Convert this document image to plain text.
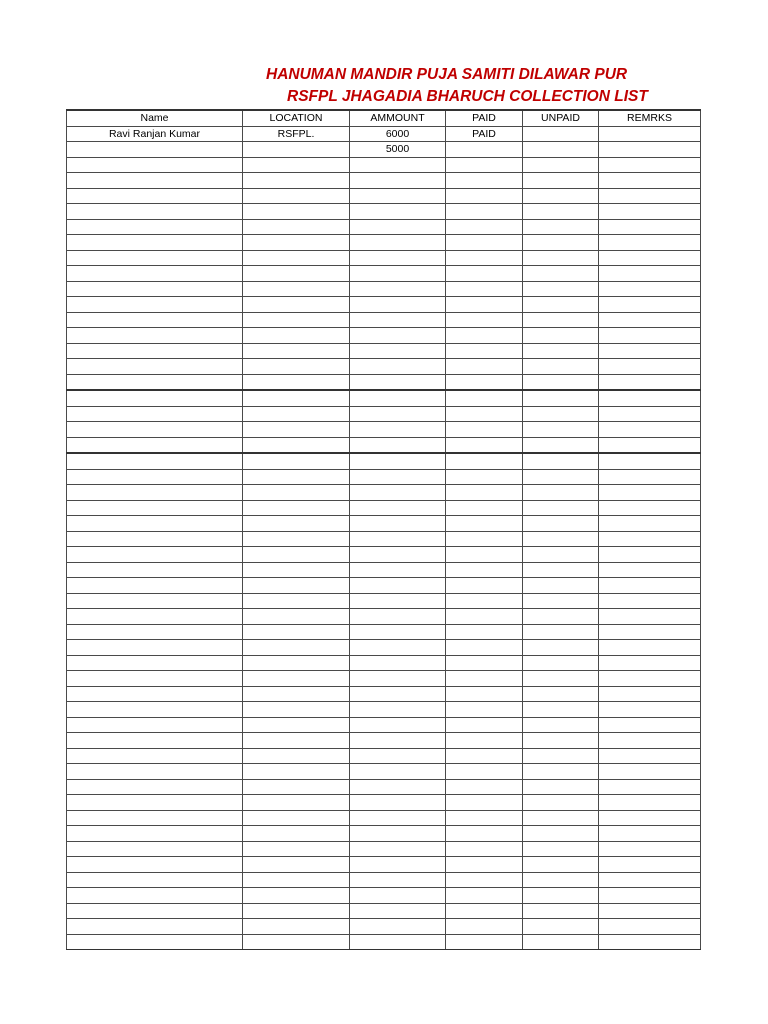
HANUMAN MANDIR PUJA SAMITI DILAWAR PUR
RSFPL JHAGADIA BHARUCH COLLECTION LIST
Name	LOCATION	AMMOUNT	PAID	UNPAID	REMRKS
Ravi Ranjan Kumar	RSFPL.	6000	PAID		
		5000			
